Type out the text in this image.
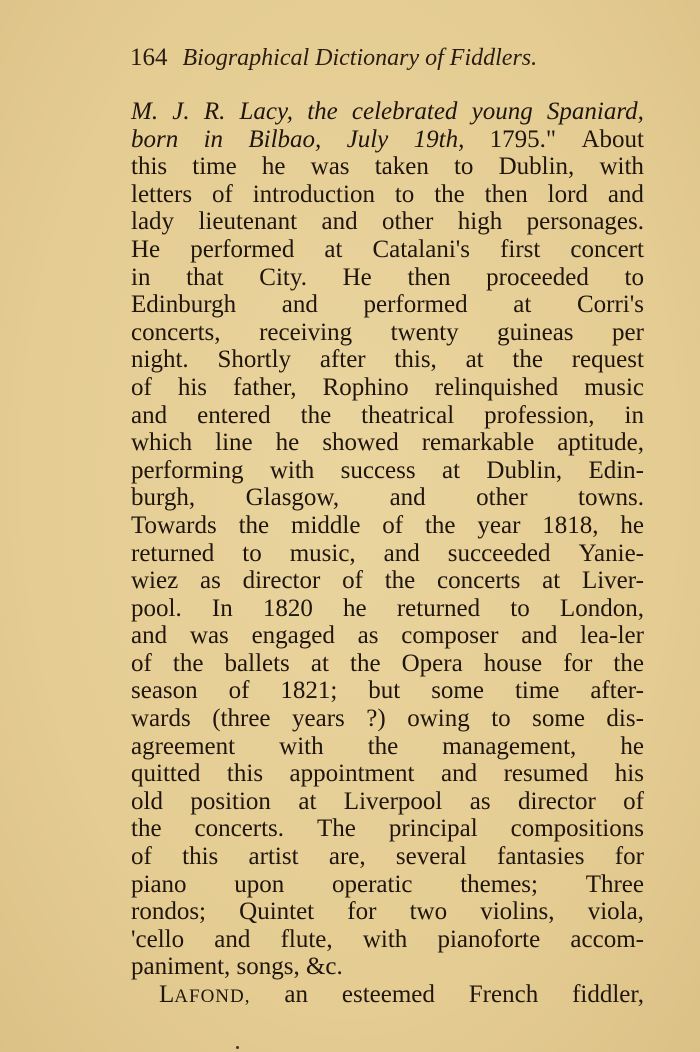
164 Biographical Dictionary of Fiddlers.
M. J. R. Lacy, the celebrated young Spaniard,
born in Bilbao, July 19th, 1795." About
this time he was taken to Dublin, with
letters of introduction to the then lord and
lady lieutenant and other high personages.
He performed at Catalani's first concert
in that City. He then proceeded to
Edinburgh and performed at Corri's
concerts, receiving twenty guineas per
night. Shortly after this, at the request
of his father, Rophino relinquished music
and entered the theatrical profession, in
which line he showed remarkable aptitude,
performing with success at Dublin, Edin-
burgh, Glasgow, and other towns.
Towards the middle of the year 1818, he
returned to music, and succeeded Yanie-
wiez as director of the concerts at Liver-
pool. In 1820 he returned to London,
and was engaged as composer and lea-ler
of the ballets at the Opera house for the
season of 1821; but some time after-
wards (three years ?) owing to some dis-
agreement with the management, he
quitted this appointment and resumed his
old position at Liverpool as director of
the concerts. The principal compositions
of this artist are, several fantasies for
piano upon operatic themes; Three
rondos; Quintet for two violins, viola,
'cello and flute, with pianoforte accom-
paniment, songs, &c.
LAFOND, an esteemed French fiddler,
